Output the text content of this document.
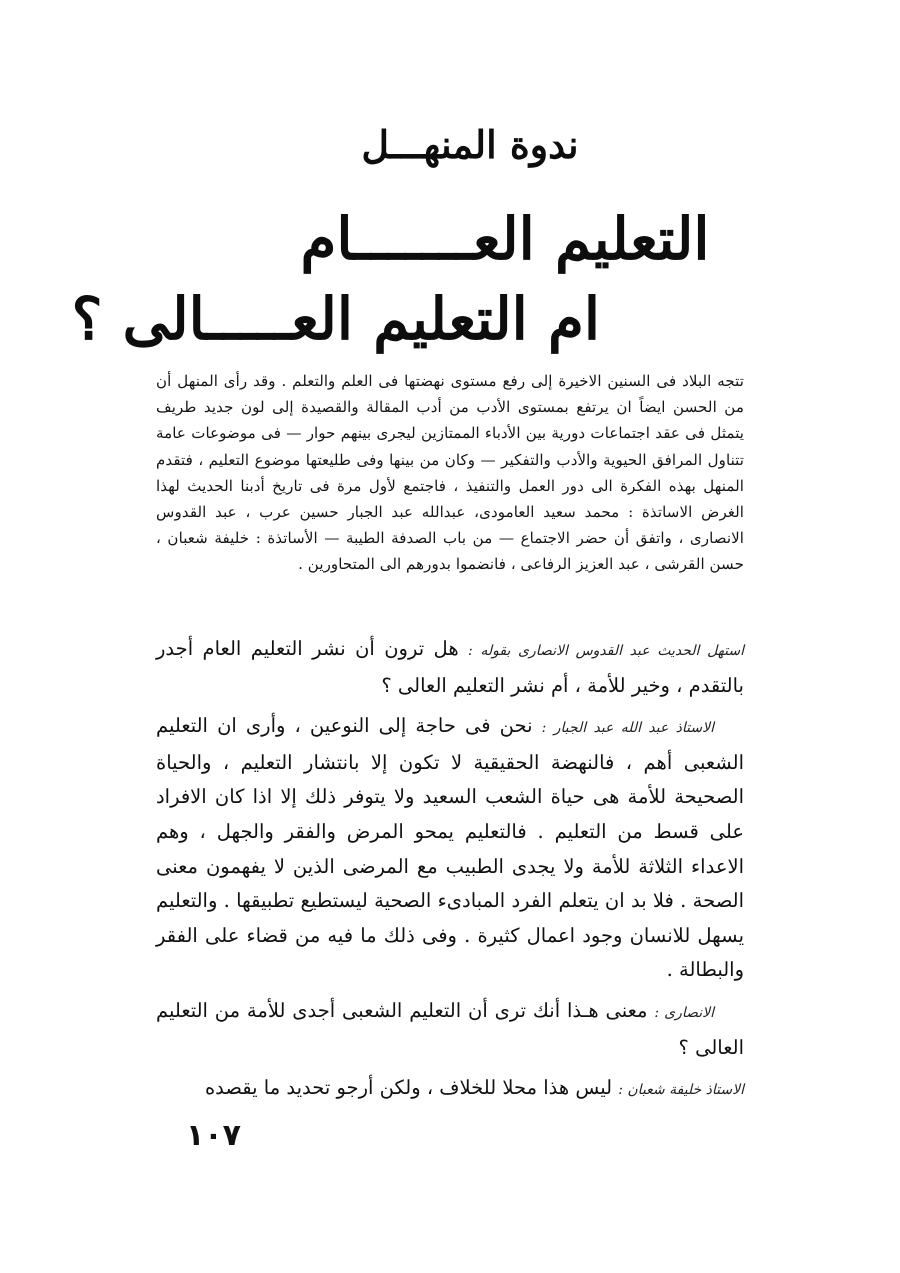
ندوة المنهـــل
التعليم العـــــــام
ام التعليم العـــــالى ؟
تتجه البلاد فى السنين الاخيرة إلى رفع مستوى نهضتها فى العلم والتعلم . وقد رأى المنهل أن من الحسن ايضاً ان يرتفع بمستوى الأدب من أدب المقالة والقصيدة إلى لون جديد طريف يتمثل فى عقد اجتماعات دورية بين الأدباء الممتازين ليجرى بينهم حوار — فى موضوعات عامة تتناول المرافق الحيوية والأدب والتفكير — وكان من بينها وفى طليعتها موضوع التعليم ، فتقدم المنهل بهذه الفكرة الى دور العمل والتنفيذ ، فاجتمع لأول مرة فى تاريخ أدبنا الحديث لهذا الغرض الاساتذة : محمد سعيد العامودى، عبدالله عبد الجبار حسين عرب ، عبد القدوس الانصارى ، واتفق أن حضر الاجتماع — من باب الصدفة الطيبة — الأساتذة : خليفة شعبان ، حسن القرشى ، عبد العزيز الرفاعى ، فانضموا بدورهم الى المتحاورين .

استهل الحديث عبد القدوس الانصارى بقوله : هل ترون أن نشر التعليم العام أجدر بالتقدم ، وخير للأمة ، أم نشر التعليم العالى ؟

الاستاذ عبد الله عبد الجبار : نحن فى حاجة إلى النوعين ، وأرى ان التعليم الشعبى أهم ، فالنهضة الحقيقية لا تكون إلا بانتشار التعليم ، والحياة الصحيحة للأمة هى حياة الشعب السعيد ولا يتوفر ذلك إلا اذا كان الافراد على قسط من التعليم . فالتعليم يمحو المرض والفقر والجهل ، وهم الاعداء الثلاثة للأمة ولا يجدى الطبيب مع المرضى الذين لا يفهمون معنى الصحة . فلا بد ان يتعلم الفرد المبادىء الصحية ليستطيع تطبيقها . والتعليم يسهل للانسان وجود اعمال كثيرة . وفى ذلك ما فيه من قضاء على الفقر والبطالة .

الانصارى : معنى هـذا أنك ترى أن التعليم الشعبى أجدى للأمة من التعليم العالى ؟

الاستاذ خليفة شعبان : ليس هذا محلا للخلاف ، ولكن أرجو تحديد ما يقصده

١٠٧
